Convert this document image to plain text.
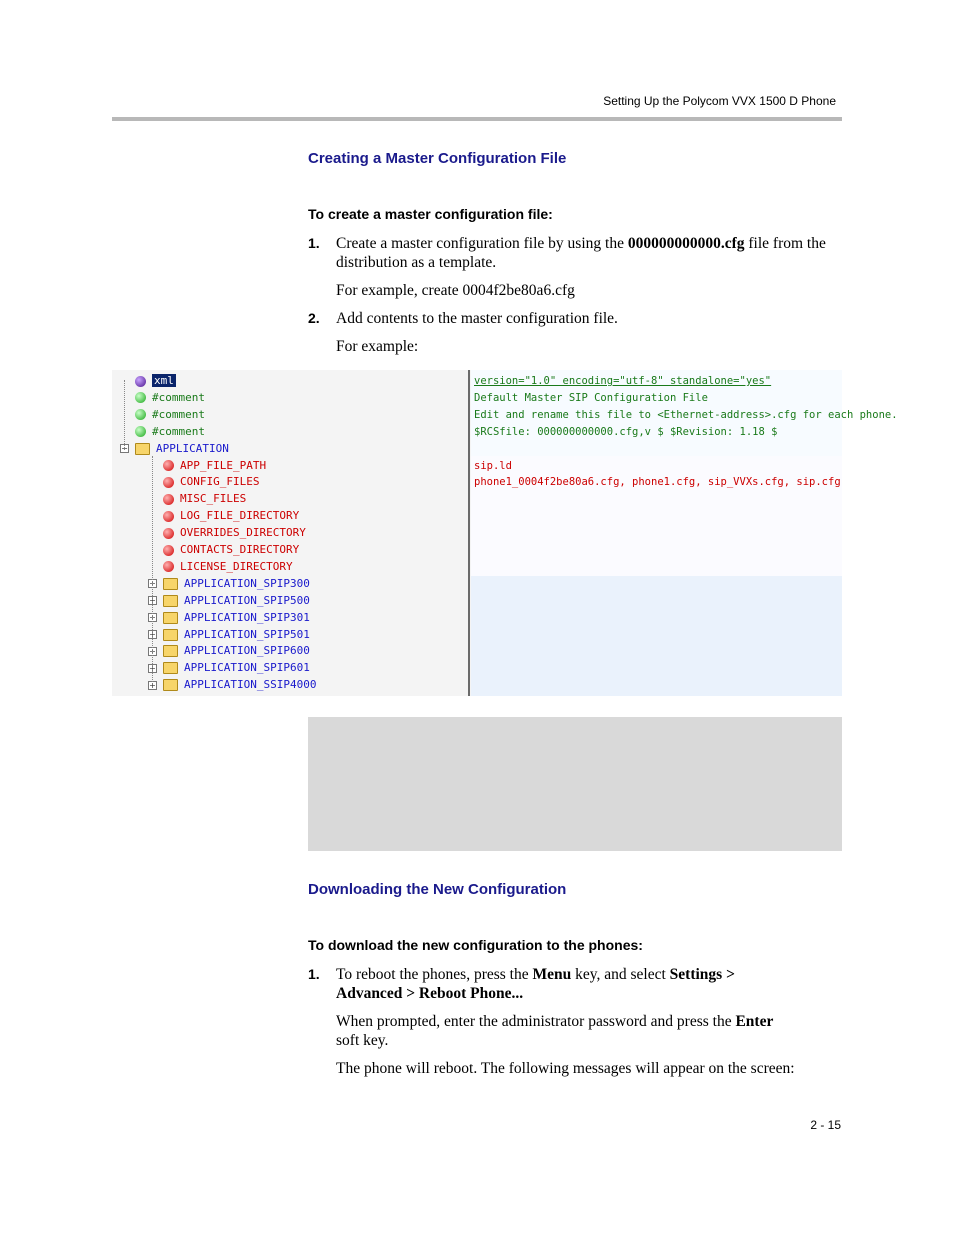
Setting Up the Polycom VVX 1500 D Phone
Creating a Master Configuration File
To create a master configuration file:
1. Create a master configuration file by using the 000000000000.cfg file from the distribution as a template.
For example, create 0004f2be80a6.cfg
2. Add contents to the master configuration file.
For example:
xml
#comment
#comment
#comment
−	APPLICATION
APP_FILE_PATH
CONFIG_FILES
MISC_FILES
LOG_FILE_DIRECTORY
OVERRIDES_DIRECTORY
CONTACTS_DIRECTORY
LICENSE_DIRECTORY
+	APPLICATION_SPIP300
+	APPLICATION_SPIP500
+	APPLICATION_SPIP301
+	APPLICATION_SPIP501
+	APPLICATION_SPIP600
+	APPLICATION_SPIP601
+	APPLICATION_SSIP4000
version="1.0" encoding="utf-8" standalone="yes"
Default Master SIP Configuration File
Edit and rename this file to <Ethernet-address>.cfg for each phone.
$RCSfile: 000000000000.cfg,v $ $Revision: 1.18 $
sip.ld
phone1_0004f2be80a6.cfg, phone1.cfg, sip_VVXs.cfg, sip.cfg
Downloading the New Configuration
To download the new configuration to the phones:
1. To reboot the phones, press the Menu key, and select Settings >
Advanced > Reboot Phone...
When prompted, enter the administrator password and press the Enter
soft key.
The phone will reboot. The following messages will appear on the screen:
2 - 15
